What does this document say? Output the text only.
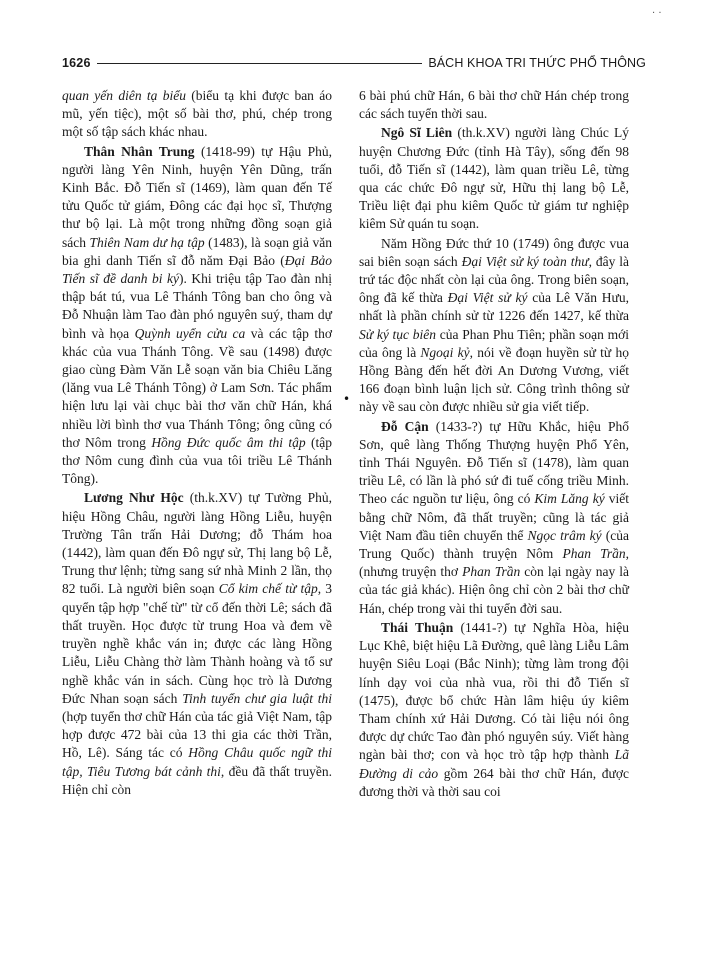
· ·
1626	BÁCH KHOA TRI THỨC PHỔ THÔNG

quan yến diên tạ biểu (biểu tạ khi được ban áo mũ, yến tiệc), một số bài thơ, phú, chép trong một số tập sách khác nhau.

Thân Nhân Trung (1418-99) tự Hậu Phủ, người làng Yên Ninh, huyện Yên Dũng, trấn Kinh Bắc. Đỗ Tiến sĩ (1469), làm quan đến Tế tửu Quốc tử giám, Đông các đại học sĩ, Thượng thư bộ lại. Là một trong những đồng soạn giả sách Thiên Nam dư hạ tập (1483), là soạn giả văn bia ghi danh Tiến sĩ đỗ năm Đại Bảo (Đại Bảo Tiến sĩ đề danh bi ký). Khi triệu tập Tao đàn nhị thập bát tú, vua Lê Thánh Tông ban cho ông và Đỗ Nhuận làm Tao đàn phó nguyên suý, tham dự bình và họa Quỳnh uyển cửu ca và các tập thơ khác của vua Thánh Tông. Về sau (1498) được giao cùng Đàm Văn Lễ soạn văn bia Chiêu Lăng (lăng vua Lê Thánh Tông) ở Lam Sơn. Tác phẩm hiện lưu lại vài chục bài thơ văn chữ Hán, khá nhiều lời bình thơ vua Thánh Tông; ông cũng có thơ Nôm trong Hồng Đức quốc âm thi tập (tập thơ Nôm cung đình của vua tôi triều Lê Thánh Tông).

Lương Như Hộc (th.k.XV) tự Tường Phủ, hiệu Hồng Châu, người làng Hồng Liễu, huyện Trường Tân trấn Hải Dương; đỗ Thám hoa (1442), làm quan đến Đô ngự sử, Thị lang bộ Lễ, Trung thư lệnh; từng sang sứ nhà Minh 2 lần, thọ 82 tuổi. Là người biên soạn Cổ kim chế từ tập, 3 quyển tập hợp "chế từ" từ cổ đến thời Lê; sách đã thất truyền. Học được từ trung Hoa và đem về truyền nghề khắc ván in; được các làng Hồng Liễu, Liễu Chàng thờ làm Thành hoàng và tổ sư nghề khắc ván in sách. Cùng học trò là Dương Đức Nhan soạn sách Tinh tuyển chư gia luật thi (hợp tuyển thơ chữ Hán của tác giả Việt Nam, tập hợp được 472 bài của 13 thi gia các thời Trần, Hồ, Lê). Sáng tác có Hồng Châu quốc ngữ thi tập, Tiêu Tương bát cảnh thi, đều đã thất truyền. Hiện chỉ còn

•

6 bài phú chữ Hán, 6 bài thơ chữ Hán chép trong các sách tuyển thời sau.

Ngô Sĩ Liên (th.k.XV) người làng Chúc Lý huyện Chương Đức (tỉnh Hà Tây), sống đến 98 tuổi, đỗ Tiến sĩ (1442), làm quan triều Lê, từng qua các chức Đô ngự sử, Hữu thị lang bộ Lễ, Triều liệt đại phu kiêm Quốc tử giám tư nghiệp kiêm Sử quán tu soạn.

Năm Hồng Đức thứ 10 (1749) ông được vua sai biên soạn sách Đại Việt sử ký toàn thư, đây là trứ tác độc nhất còn lại của ông. Trong biên soạn, ông đã kế thừa Đại Việt sử ký của Lê Văn Hưu, nhất là phần chính sử từ 1226 đến 1427, kế thừa Sử ký tục biên của Phan Phu Tiên; phần soạn mới của ông là Ngoại kỷ, nói về đoạn huyền sử từ họ Hồng Bàng đến hết đời An Dương Vương, viết 166 đoạn bình luận lịch sử. Công trình thông sử này về sau còn được nhiều sử gia viết tiếp.

Đỗ Cận (1433-?) tự Hữu Khắc, hiệu Phổ Sơn, quê làng Thống Thượng huyện Phổ Yên, tỉnh Thái Nguyên. Đỗ Tiến sĩ (1478), làm quan triều Lê, có lần là phó sứ đi tuế cống triều Minh. Theo các nguồn tư liệu, ông có Kim Lăng ký viết bằng chữ Nôm, đã thất truyền; cũng là tác giả Việt Nam đầu tiên chuyển thể Ngọc trâm ký (của Trung Quốc) thành truyện Nôm Phan Trần, (nhưng truyện thơ Phan Trần còn lại ngày nay là của tác giả khác). Hiện ông chỉ còn 2 bài thơ chữ Hán, chép trong vài thi tuyển đời sau.

Thái Thuận (1441-?) tự Nghĩa Hòa, hiệu Lục Khê, biệt hiệu Lã Đường, quê làng Liễu Lâm huyện Siêu Loại (Bắc Ninh); từng làm trong đội lính dạy voi của nhà vua, rồi thi đỗ Tiến sĩ (1475), được bổ chức Hàn lâm hiệu úy kiêm Tham chính xứ Hải Dương. Có tài liệu nói ông được dự chức Tao đàn phó nguyên súy. Viết hàng ngàn bài thơ; con và học trò tập hợp thành Lã Đường di cảo gồm 264 bài thơ chữ Hán, được đương thời và thời sau coi
